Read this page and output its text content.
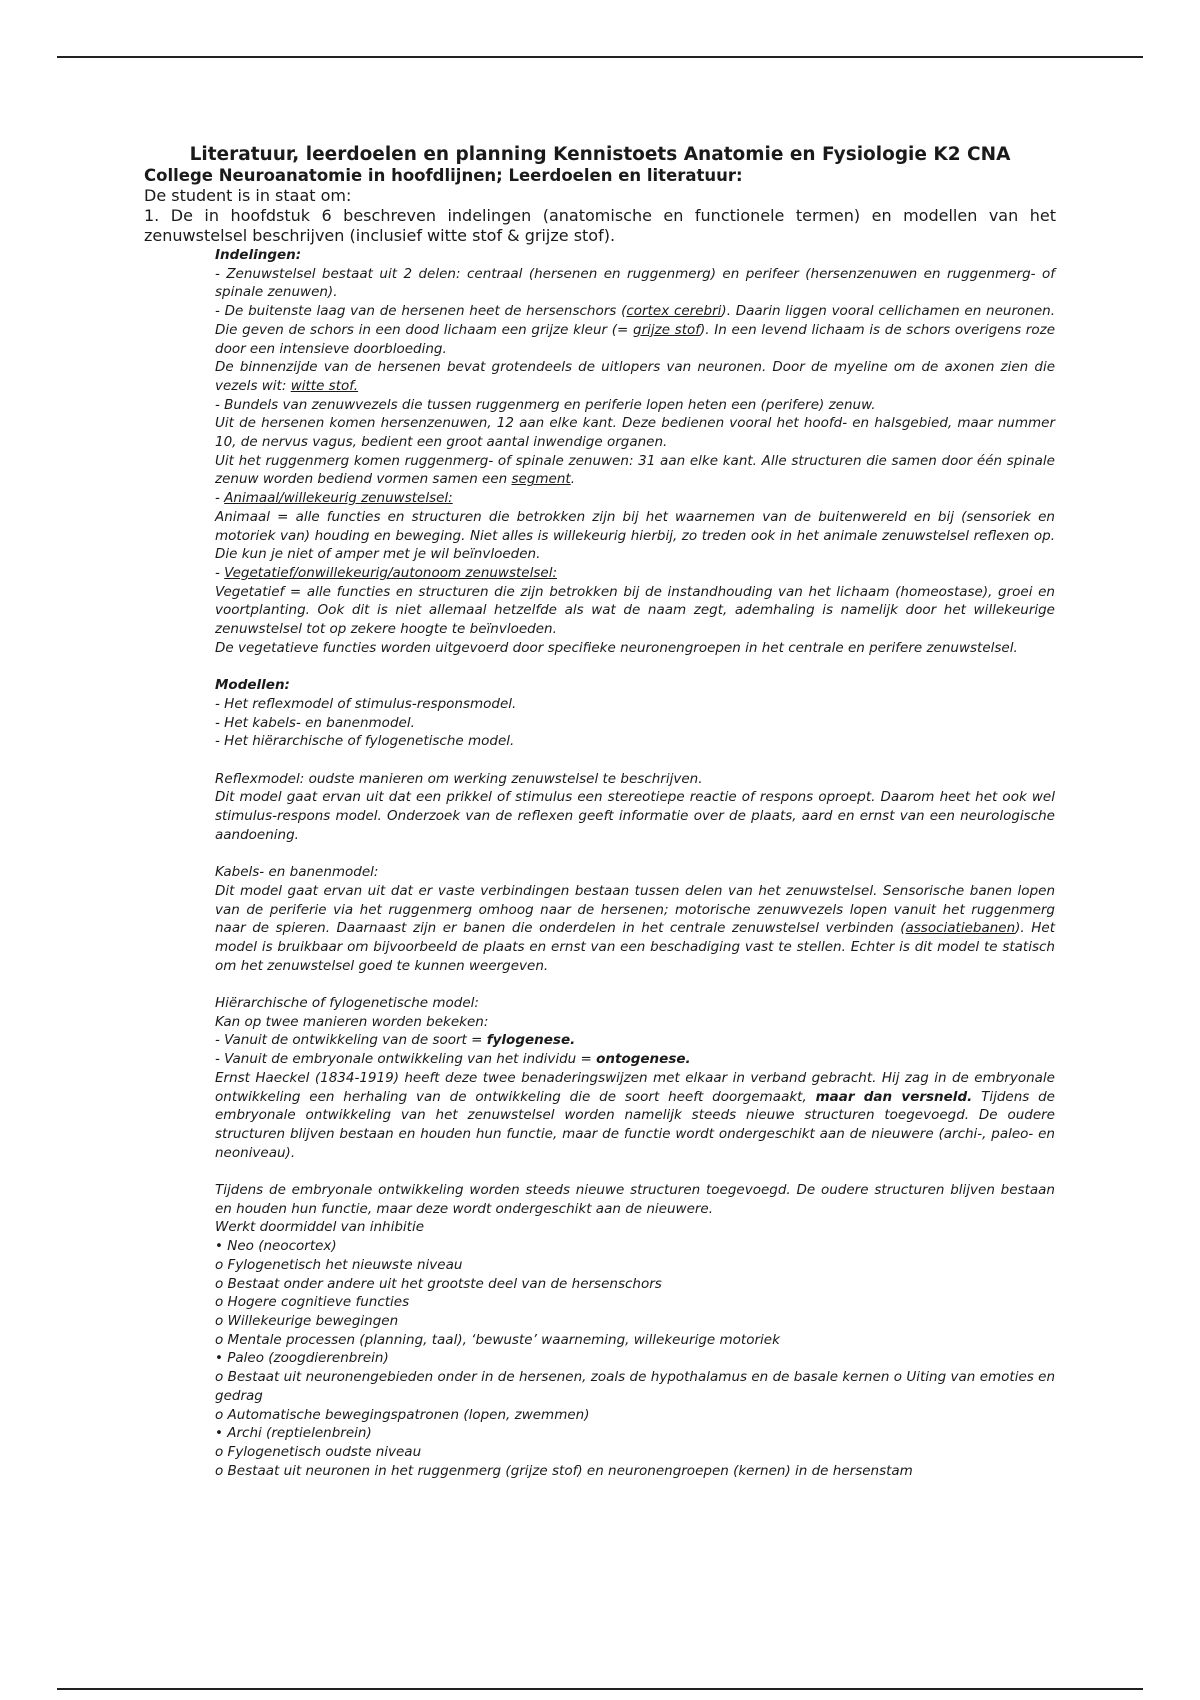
Literatuur, leerdoelen en planning Kennistoets Anatomie en Fysiologie K2 CNA
College Neuroanatomie in hoofdlijnen; Leerdoelen en literatuur:

De student is in staat om:

1. De in hoofdstuk 6 beschreven indelingen (anatomische en functionele termen) en modellen van het zenuwstelsel beschrijven (inclusief witte stof & grijze stof).

Indelingen:

- Zenuwstelsel bestaat uit 2 delen: centraal (hersenen en ruggenmerg) en perifeer (hersenzenuwen en ruggenmerg- of spinale zenuwen).

- De buitenste laag van de hersenen heet de hersenschors (cortex cerebri). Daarin liggen vooral cellichamen en neuronen. Die geven de schors in een dood lichaam een grijze kleur (= grijze stof). In een levend lichaam is de schors overigens roze door een intensieve doorbloeding.

De binnenzijde van de hersenen bevat grotendeels de uitlopers van neuronen. Door de myeline om de axonen zien die vezels wit: witte stof.

- Bundels van zenuwvezels die tussen ruggenmerg en periferie lopen heten een (perifere) zenuw.

Uit de hersenen komen hersenzenuwen, 12 aan elke kant. Deze bedienen vooral het hoofd- en halsgebied, maar nummer 10, de nervus vagus, bedient een groot aantal inwendige organen.

Uit het ruggenmerg komen ruggenmerg- of spinale zenuwen: 31 aan elke kant. Alle structuren die samen door één spinale zenuw worden bediend vormen samen een segment.

- Animaal/willekeurig zenuwstelsel:

Animaal = alle functies en structuren die betrokken zijn bij het waarnemen van de buitenwereld en bij (sensoriek en motoriek van) houding en beweging. Niet alles is willekeurig hierbij, zo treden ook in het animale zenuwstelsel reflexen op. Die kun je niet of amper met je wil beïnvloeden.

- Vegetatief/onwillekeurig/autonoom zenuwstelsel:

Vegetatief = alle functies en structuren die zijn betrokken bij de instandhouding van het lichaam (homeostase), groei en voortplanting. Ook dit is niet allemaal hetzelfde als wat de naam zegt, ademhaling is namelijk door het willekeurige zenuwstelsel tot op zekere hoogte te beïnvloeden.

De vegetatieve functies worden uitgevoerd door specifieke neuronengroepen in het centrale en perifere zenuwstelsel.

Modellen:

- Het reflexmodel of stimulus-responsmodel.

- Het kabels- en banenmodel.

- Het hiërarchische of fylogenetische model.

Reflexmodel: oudste manieren om werking zenuwstelsel te beschrijven.

Dit model gaat ervan uit dat een prikkel of stimulus een stereotiepe reactie of respons oproept. Daarom heet het ook wel stimulus-respons model. Onderzoek van de reflexen geeft informatie over de plaats, aard en ernst van een neurologische aandoening.

Kabels- en banenmodel:

Dit model gaat ervan uit dat er vaste verbindingen bestaan tussen delen van het zenuwstelsel. Sensorische banen lopen van de periferie via het ruggenmerg omhoog naar de hersenen; motorische zenuwvezels lopen vanuit het ruggenmerg naar de spieren. Daarnaast zijn er banen die onderdelen in het centrale zenuwstelsel verbinden (associatiebanen). Het model is bruikbaar om bijvoorbeeld de plaats en ernst van een beschadiging vast te stellen. Echter is dit model te statisch om het zenuwstelsel goed te kunnen weergeven.

Hiërarchische of fylogenetische model:

Kan op twee manieren worden bekeken:

- Vanuit de ontwikkeling van de soort = fylogenese.

- Vanuit de embryonale ontwikkeling van het individu = ontogenese.

Ernst Haeckel (1834-1919) heeft deze twee benaderingswijzen met elkaar in verband gebracht. Hij zag in de embryonale ontwikkeling een herhaling van de ontwikkeling die de soort heeft doorgemaakt, maar dan versneld. Tijdens de embryonale ontwikkeling van het zenuwstelsel worden namelijk steeds nieuwe structuren toegevoegd. De oudere structuren blijven bestaan en houden hun functie, maar de functie wordt ondergeschikt aan de nieuwere (archi-, paleo- en neoniveau).

Tijdens de embryonale ontwikkeling worden steeds nieuwe structuren toegevoegd. De oudere structuren blijven bestaan en houden hun functie, maar deze wordt ondergeschikt aan de nieuwere.

Werkt doormiddel van inhibitie

• Neo (neocortex)

o Fylogenetisch het nieuwste niveau

o Bestaat onder andere uit het grootste deel van de hersenschors

o Hogere cognitieve functies

o Willekeurige bewegingen

o Mentale processen (planning, taal), ‘bewuste’ waarneming, willekeurige motoriek

• Paleo (zoogdierenbrein)

o Bestaat uit neuronengebieden onder in de hersenen, zoals de hypothalamus en de basale kernen o Uiting van emoties en gedrag

o Automatische bewegingspatronen (lopen, zwemmen)

• Archi (reptielenbrein)

o Fylogenetisch oudste niveau

o Bestaat uit neuronen in het ruggenmerg (grijze stof) en neuronengroepen (kernen) in de hersenstam
